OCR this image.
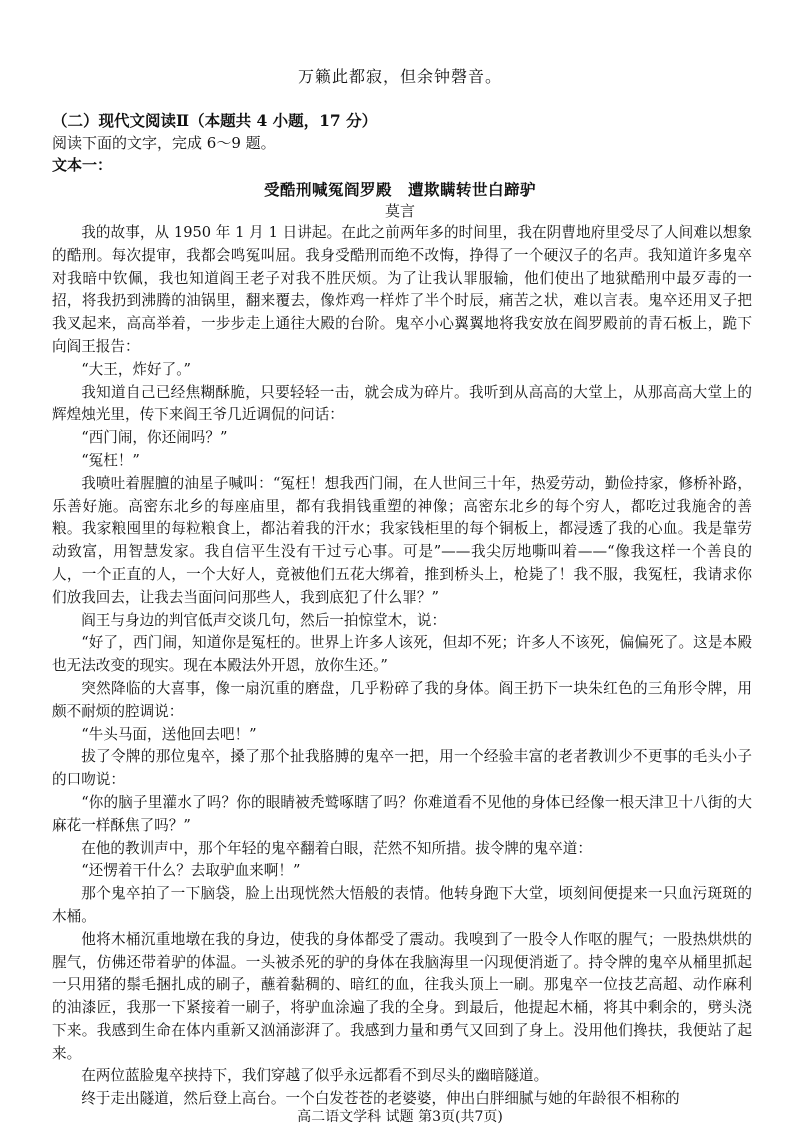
万籁此都寂，但余钟磬音。
（二）现代文阅读Ⅱ（本题共 4 小题，17 分）
阅读下面的文字，完成 6～9 题。
文本一：
受酷刑喊冤阎罗殿　遭欺瞒转世白蹄驴
莫言

我的故事，从 1950 年 1 月 1 日讲起。在此之前两年多的时间里，我在阴曹地府里受尽了人间难以想象的酷刑。每次提审，我都会鸣冤叫屈。我身受酷刑而绝不改悔，挣得了一个硬汉子的名声。我知道许多鬼卒对我暗中钦佩，我也知道阎王老子对我不胜厌烦。为了让我认罪服输，他们使出了地狱酷刑中最歹毒的一招，将我扔到沸腾的油锅里，翻来覆去，像炸鸡一样炸了半个时辰，痛苦之状，难以言表。鬼卒还用叉子把我叉起来，高高举着，一步步走上通往大殿的台阶。鬼卒小心翼翼地将我安放在阎罗殿前的青石板上，跪下向阎王报告：

“大王，炸好了。”

我知道自己已经焦糊酥脆，只要轻轻一击，就会成为碎片。我听到从高高的大堂上，从那高高大堂上的辉煌烛光里，传下来阎王爷几近调侃的问话：

“西门闹，你还闹吗？”

“冤枉！”

我喷吐着腥膻的油星子喊叫：“冤枉！想我西门闹，在人世间三十年，热爱劳动，勤俭持家，修桥补路，乐善好施。高密东北乡的每座庙里，都有我捐钱重塑的神像；高密东北乡的每个穷人，都吃过我施舍的善粮。我家粮囤里的每粒粮食上，都沾着我的汗水；我家钱柜里的每个铜板上，都浸透了我的心血。我是靠劳动致富，用智慧发家。我自信平生没有干过亏心事。可是”——我尖厉地嘶叫着——“像我这样一个善良的人，一个正直的人，一个大好人，竟被他们五花大绑着，推到桥头上，枪毙了！我不服，我冤枉，我请求你们放我回去，让我去当面问问那些人，我到底犯了什么罪？”

阎王与身边的判官低声交谈几句，然后一拍惊堂木，说：

“好了，西门闹，知道你是冤枉的。世界上许多人该死，但却不死；许多人不该死，偏偏死了。这是本殿也无法改变的现实。现在本殿法外开恩，放你生还。”

突然降临的大喜事，像一扇沉重的磨盘，几乎粉碎了我的身体。阎王扔下一块朱红色的三角形令牌，用颇不耐烦的腔调说：

“牛头马面，送他回去吧！”

拔了令牌的那位鬼卒，搡了那个扯我胳膊的鬼卒一把，用一个经验丰富的老者教训少不更事的毛头小子的口吻说：

“你的脑子里灌水了吗？你的眼睛被秃鹫啄瞎了吗？你难道看不见他的身体已经像一根天津卫十八街的大麻花一样酥焦了吗？”

在他的教训声中，那个年轻的鬼卒翻着白眼，茫然不知所措。拔令牌的鬼卒道：

“还愣着干什么？去取驴血来啊！”

那个鬼卒拍了一下脑袋，脸上出现恍然大悟般的表情。他转身跑下大堂，顷刻间便提来一只血污斑斑的木桶。

他将木桶沉重地墩在我的身边，使我的身体都受了震动。我嗅到了一股令人作呕的腥气；一股热烘烘的腥气，仿佛还带着驴的体温。一头被杀死的驴的身体在我脑海里一闪现便消逝了。持令牌的鬼卒从桶里抓起一只用猪的鬃毛捆扎成的刷子，蘸着黏稠的、暗红的血，往我头顶上一刷。那鬼卒一位技艺高超、动作麻利的油漆匠，我那一下紧接着一刷子，将驴血涂遍了我的全身。到最后，他提起木桶，将其中剩余的，劈头浇下来。我感到生命在体内重新又汹涌澎湃了。我感到力量和勇气又回到了身上。没用他们搀扶，我便站了起来。

在两位蓝脸鬼卒挟持下，我们穿越了似乎永远都看不到尽头的幽暗隧道。

终于走出隧道，然后登上高台。一个白发苍苍的老婆婆，伸出白胖细腻与她的年龄很不相称的

高二语文学科 试题 第3页(共7页)
